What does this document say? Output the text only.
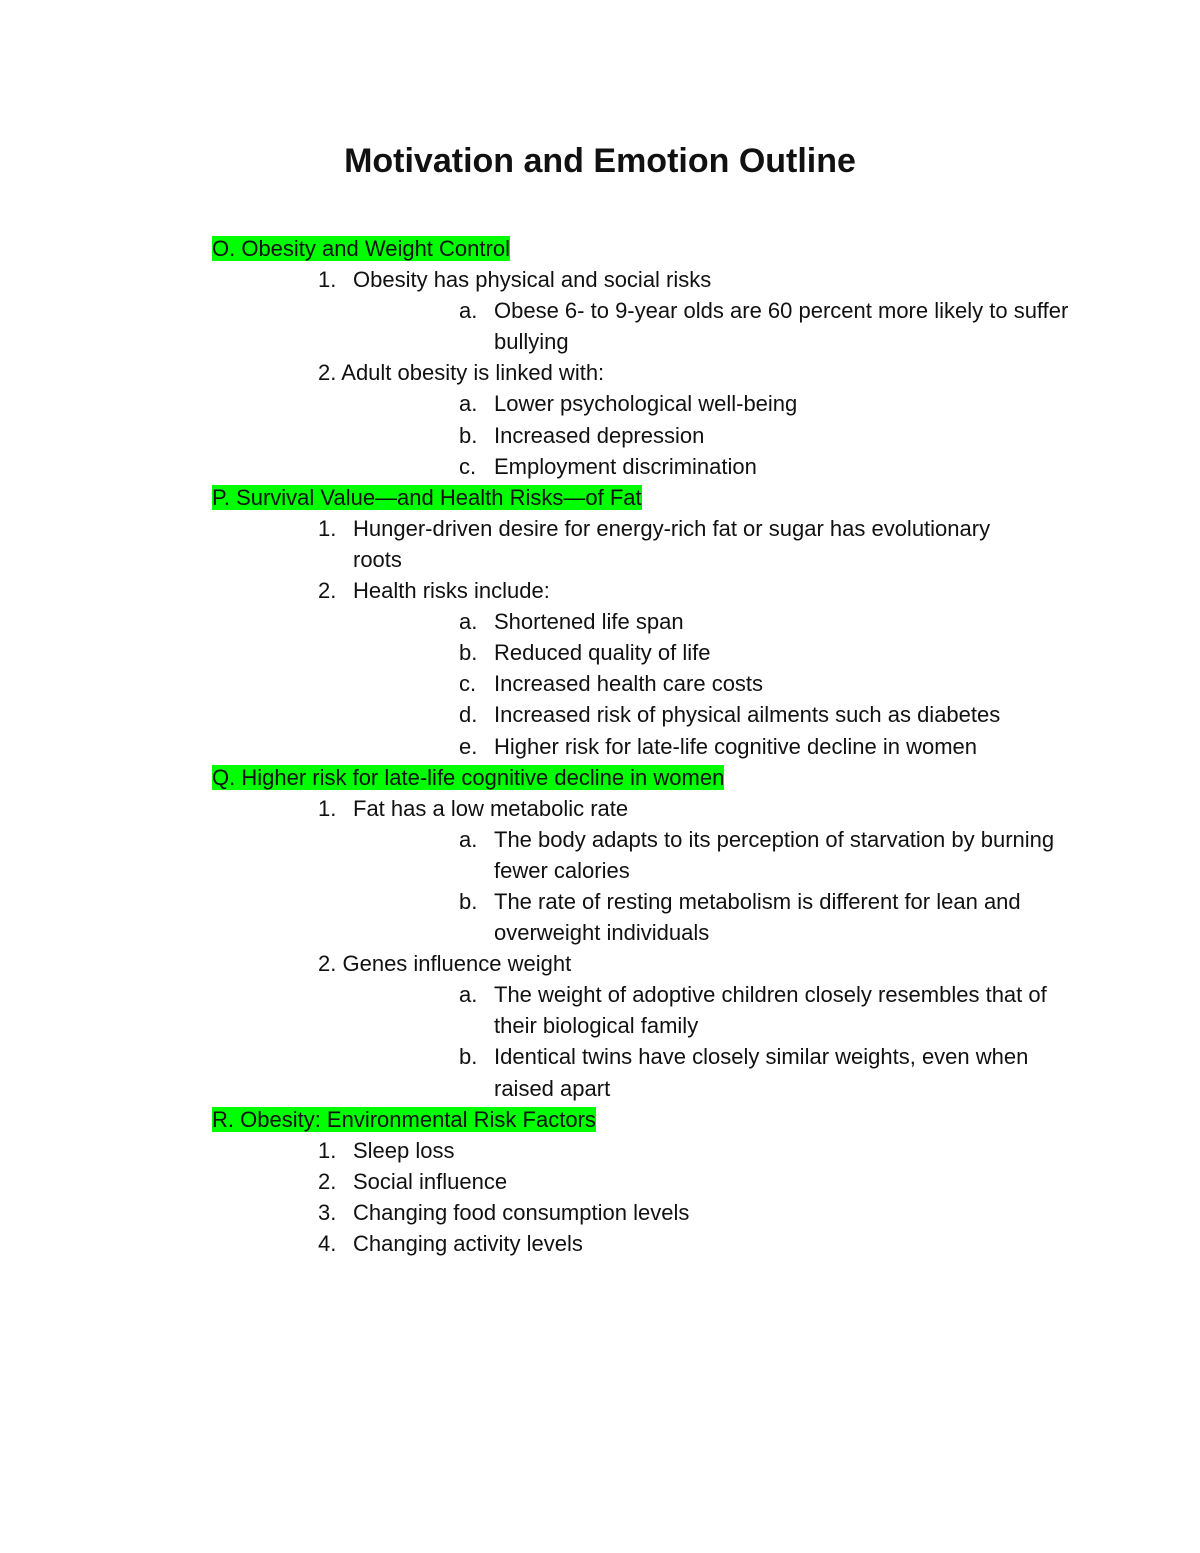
Motivation and Emotion Outline
O. Obesity and Weight Control
1. Obesity has physical and social risks
a. Obese 6- to 9-year olds are 60 percent more likely to suffer bullying
2. Adult obesity is linked with:
a. Lower psychological well-being
b. Increased depression
c. Employment discrimination
P. Survival Value—and Health Risks—of Fat
1. Hunger-driven desire for energy-rich fat or sugar has evolutionary roots
2. Health risks include:
a. Shortened life span
b. Reduced quality of life
c. Increased health care costs
d. Increased risk of physical ailments such as diabetes
e. Higher risk for late-life cognitive decline in women
Q. Higher risk for late-life cognitive decline in women
1. Fat has a low metabolic rate
a. The body adapts to its perception of starvation by burning fewer calories
b. The rate of resting metabolism is different for lean and overweight individuals
2. Genes influence weight
a. The weight of adoptive children closely resembles that of their biological family
b. Identical twins have closely similar weights, even when raised apart
R. Obesity: Environmental Risk Factors
1. Sleep loss
2. Social influence
3. Changing food consumption levels
4. Changing activity levels
